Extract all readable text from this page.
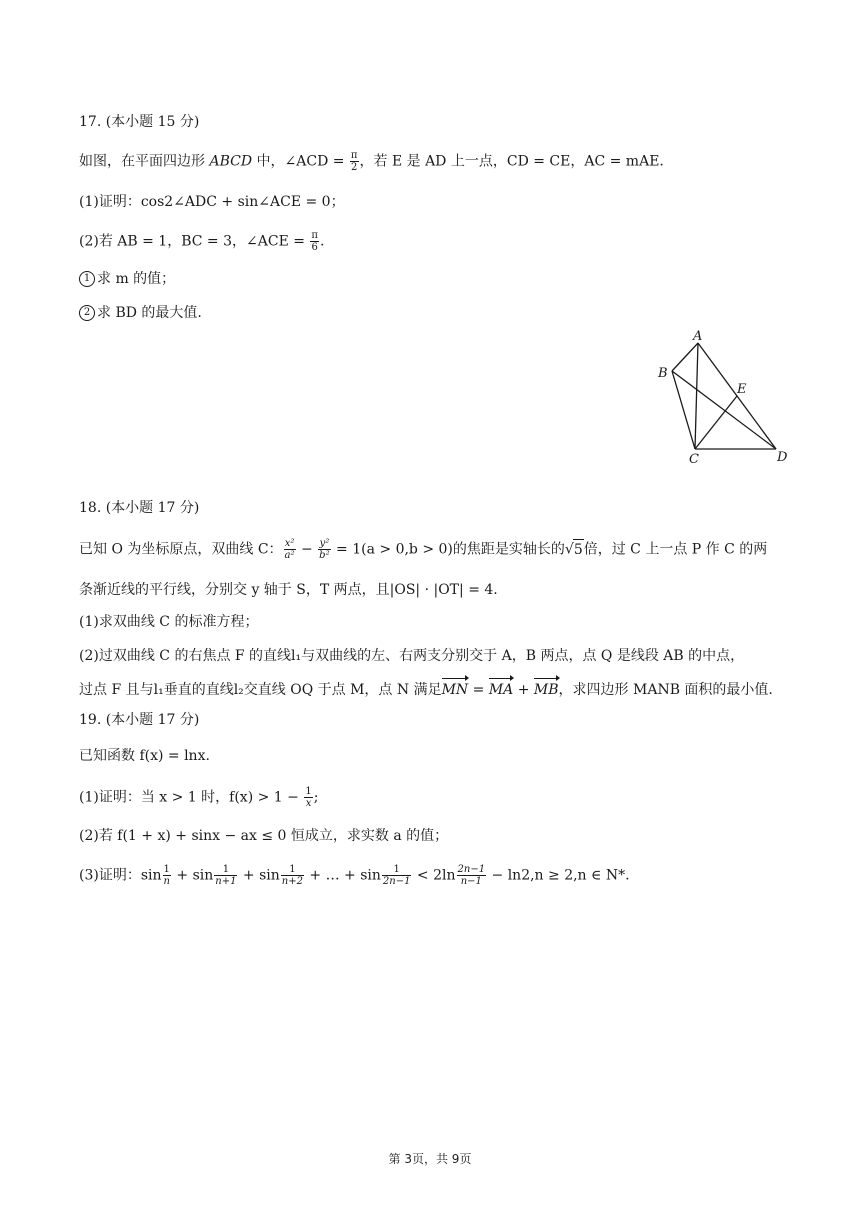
17. (本小题 15 分)
如图，在平面四边形 ABCD 中，∠ACD = $\frac{\pi}{2}$ ，若 E 是 AD 上一点，CD = CE，AC = mAE.
(1)证明：cos2∠ADC + sin∠ACE = 0；
(2)若 AB = 1，BC = 3，∠ACE = $\frac{\pi}{6}$ .
1 求 m 的值；
2 求 BD 的最大值.
A
B
C	D
E
18. (本小题 17 分)
已知 O 为坐标原点，双曲线 C： $\frac{\text{x²}}{\text{a²}} - \frac{\text{y²}}{\text{b²}} = 1(a > 0,b > 0)$的焦距是实轴长的√5倍，过 C 上一点 P 作 C 的两
条渐近线的平行线，分别交 y 轴于 S，T 两点，且|OS| · |OT| = 4.
(1)求双曲线 C 的标准方程；
(2)过双曲线 C 的右焦点 F 的直线l₁与双曲线的左、右两支分别交于 A，B 两点，点 Q 是线段 AB 的中点，
过点 F 且与l₁垂直的直线l₂交直线 OQ 于点 M，点 N 满足MN = MA + MB，求四边形 MANB 面积的最小值.
19. (本小题 17 分)
已知函数 f(x) = lnx.
(1)证明：当 x > 1 时，$f(x) > 1 - \frac{1}{x}$ ;
(2)若 f(1 + x) + sinx − ax ≤ 0 恒成立，求实数 a 的值；
(3)证明：$\sin \frac{1}{n} + \sin \frac{1}{n+1} + \sin \frac{1}{n+2}$ + … + $\sin \frac{1}{2n-1} < 2\ln \frac{2n-1}{n-1} - \ln 2,n \ge 2,n$ ∈ N*.
第 3页，共 9页
